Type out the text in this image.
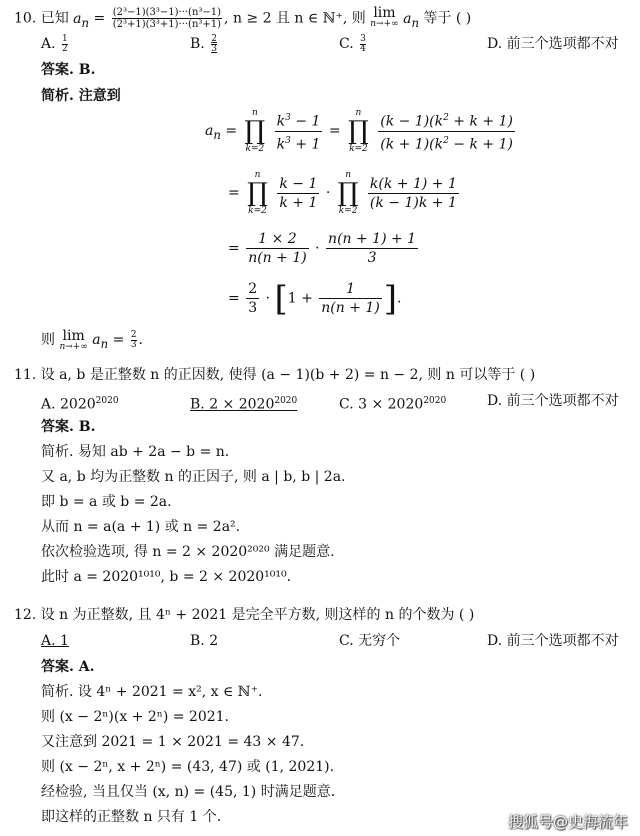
10. 已知 $a_n = \frac{\text{(2³−1)(3³−1)···(n³−1)}}{\text{(2³+1)(3³+1)···(n³+1)}}$ , n ≥ 2 且 n ∈ ℕ⁺, 则 lim
n→+∞ $a_n$ 等于 ( )
A. $\frac{1}{2}$	B. $\frac{2}{3}$	C. $\frac{3}{4}$	D. 前三个选项都不对
答案. B.
简析. 注意到
$a_n$ =
n
∏
k=2
$\frac{k^3 - 1}{k^3 + 1}$ =
n
∏
k=2
$\frac{(k - 1)(k^2 + k + 1)}{(k + 1)(k^2 - k + 1)}$
=
n
∏
k=2
$\frac{k - 1}{k + 1}$ ·
n
∏
k=2
$\frac{k(k + 1) + 1}{(k - 1)k + 1}$
= $\frac{1 \times 2}{n(n + 1)} \cdot \frac{n(n + 1) + 1}{3}$
= $\frac{2}{3} \cdot [1 + \frac{1}{n(n + 1)}$ ].
则 lim
n→+∞ $a_n = \frac{2}{3}$ .
11. 设 a, b 是正整数 n 的正因数, 使得 (a − 1)(b + 2) = n − 2, 则 n 可以等于 ( )
A. $2020^{2020}$	B. $2 \times 2020^{2020}$	C. $3 \times 2020^{2020}$	D. 前三个选项都不对
答案. B.
简析. 易知 ab + 2a − b = n.
又 a, b 均为正整数 n 的正因子, 则 a | b, b | 2a.
即 b = a 或 b = 2a.
从而 n = a(a + 1) 或 n = 2a².
依次检验选项, 得 n = 2 × 2020²⁰²⁰ 满足题意.
此时 a = 2020¹⁰¹⁰, b = 2 × 2020¹⁰¹⁰.
12. 设 n 为正整数, 且 4ⁿ + 2021 是完全平方数, 则这样的 n 的个数为 ( )
A. 1	B. 2	C. 无穷个	D. 前三个选项都不对
答案. A.
简析. 设 4ⁿ + 2021 = x², x ∈ ℕ⁺.
则 (x − 2ⁿ)(x + 2ⁿ) = 2021.
又注意到 2021 = 1 × 2021 = 43 × 47.
则 (x − 2ⁿ, x + 2ⁿ) = (43, 47) 或 (1, 2021).
经检验, 当且仅当 (x, n) = (45, 1) 时满足题意.
即这样的正整数 n 只有 1 个.	搜狐号@史海流年
